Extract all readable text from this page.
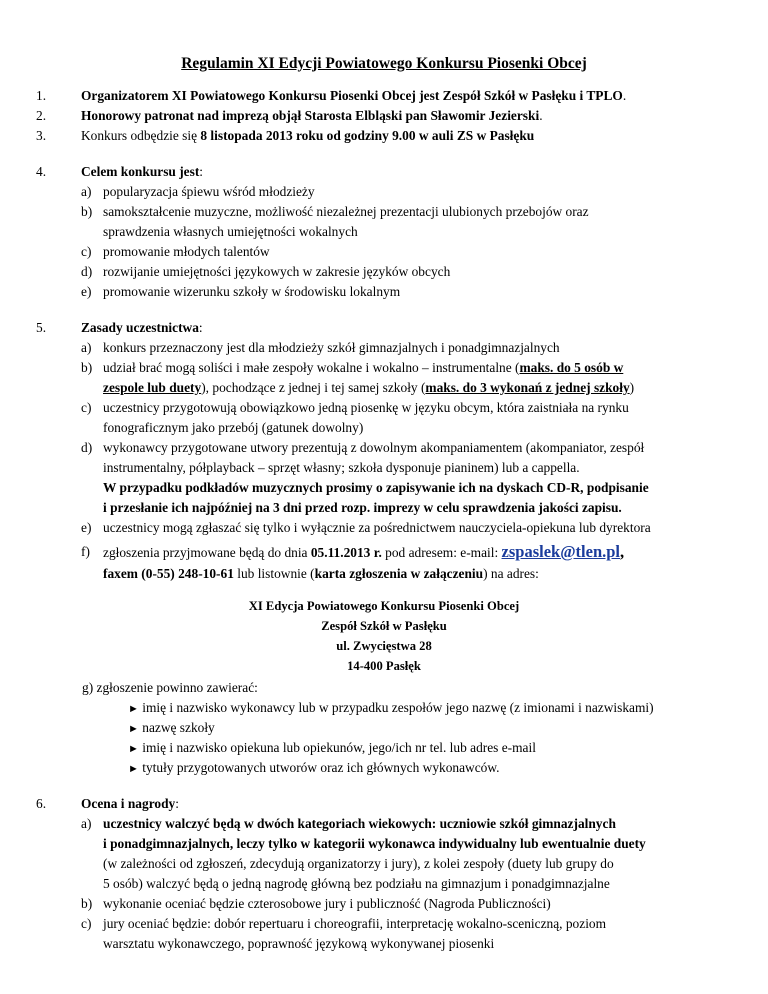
Regulamin XI Edycji Powiatowego Konkursu Piosenki Obcej
1.	Organizatorem XI Powiatowego Konkursu Piosenki Obcej jest Zespół Szkół w Pasłęku i TPLO.
2.	Honorowy patronat nad imprezą objął Starosta Elbląski pan Sławomir Jezierski.
3.	Konkurs odbędzie się 8 listopada 2013 roku od godziny 9.00 w auli ZS w Pasłęku
4.	Celem konkursu jest:
a) popularyzacja śpiewu wśród młodzieży
b) samokształcenie muzyczne, możliwość niezależnej prezentacji ulubionych przebojów oraz
sprawdzenia własnych umiejętności wokalnych
c) promowanie młodych talentów
d) rozwijanie umiejętności językowych w zakresie języków obcych
e) promowanie wizerunku szkoły w środowisku lokalnym
5.	Zasady uczestnictwa:
a) konkurs przeznaczony jest dla młodzieży szkół gimnazjalnych i ponadgimnazjalnych
b) udział brać mogą soliści i małe zespoły wokalne i wokalno – instrumentalne (maks. do 5 osób w
zespole lub duety), pochodzące z jednej i tej samej szkoły (maks. do 3 wykonań z jednej szkoły)
c) uczestnicy przygotowują obowiązkowo jedną piosenkę w języku obcym, która zaistniała na rynku
fonograficznym jako przebój (gatunek dowolny)
d) wykonawcy przygotowane utwory prezentują z dowolnym akompaniamentem (akompaniator, zespół
instrumentalny, półplayback – sprzęt własny; szkoła dysponuje pianinem) lub a cappella.
W przypadku podkładów muzycznych prosimy o zapisywanie ich na dyskach CD-R, podpisanie
i przesłanie ich najpóźniej na 3 dni przed rozp. imprezy w celu sprawdzenia jakości zapisu.
e) uczestnicy mogą zgłaszać się tylko i wyłącznie za pośrednictwem nauczyciela-opiekuna lub dyrektora
f) zgłoszenia przyjmowane będą do dnia 05.11.2013 r. pod adresem: e-mail: zspaslek@tlen.pl,
faxem (0-55) 248-10-61 lub listownie (karta zgłoszenia w załączeniu) na adres:
XI Edycja Powiatowego Konkursu Piosenki Obcej
Zespół Szkół w Pasłęku
ul. Zwycięstwa 28
14-400 Pasłęk
g) zgłoszenie powinno zawierać:
► imię i nazwisko wykonawcy lub w przypadku zespołów jego nazwę (z imionami i nazwiskami)
► nazwę szkoły
► imię i nazwisko opiekuna lub opiekunów, jego/ich nr tel. lub adres e-mail
► tytuły przygotowanych utworów oraz ich głównych wykonawców.
6.	Ocena i nagrody:
a) uczestnicy walczyć będą w dwóch kategoriach wiekowych: uczniowie szkół gimnazjalnych
i ponadgimnazjalnych, leczy tylko w kategorii wykonawca indywidualny lub ewentualnie duety
(w zależności od zgłoszeń, zdecydują organizatorzy i jury), z kolei zespoły (duety lub grupy do
5 osób) walczyć będą o jedną nagrodę główną bez podziału na gimnazjum i ponadgimnazjalne
b) wykonanie oceniać będzie czterosobowe jury i publiczność (Nagroda Publiczności)
c) jury oceniać będzie: dobór repertuaru i choreografii, interpretację wokalno-sceniczną, poziom
warsztatu wykonawczego, poprawność językową wykonywanej piosenki
